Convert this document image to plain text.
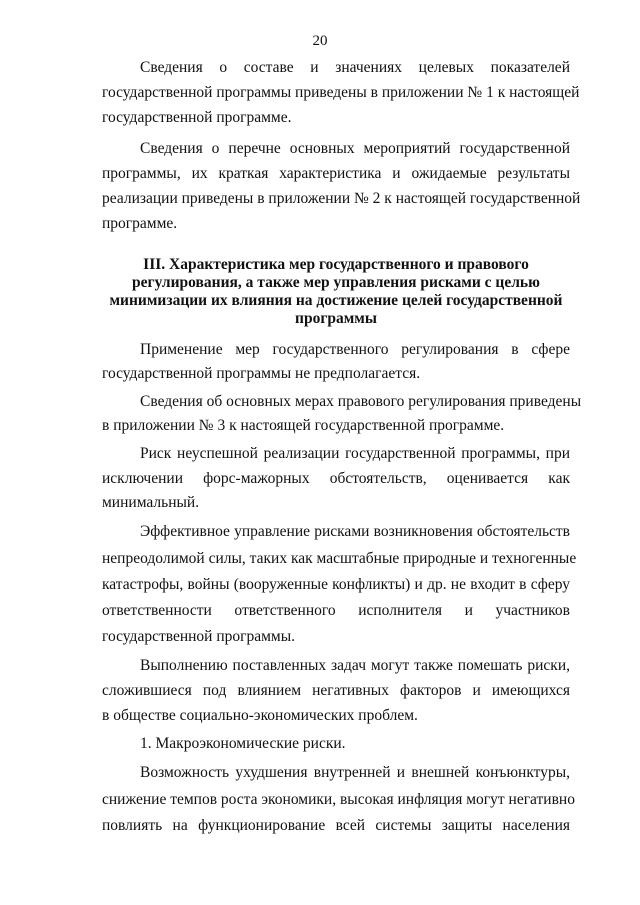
20
Сведения о составе и значениях целевых показателей
государственной программы приведены в приложении № 1 к настоящей
государственной программе.
Сведения о перечне основных мероприятий государственной
программы, их краткая характеристика и ожидаемые результаты
реализации приведены в приложении № 2 к настоящей государственной
программе.
III. Характеристика мер государственного и правового
регулирования, а также мер управления рисками с целью
минимизации их влияния на достижение целей государственной
программы
Применение мер государственного регулирования в сфере
государственной программы не предполагается.
Сведения об основных мерах правового регулирования приведены
в приложении № 3 к настоящей государственной программе.
Риск неуспешной реализации государственной программы, при
исключении форс-мажорных обстоятельств, оценивается как
минимальный.
Эффективное управление рисками возникновения обстоятельств
непреодолимой силы, таких как масштабные природные и техногенные
катастрофы, войны (вооруженные конфликты) и др. не входит в сферу
ответственности ответственного исполнителя и участников
государственной программы.
Выполнению поставленных задач могут также помешать риски,
сложившиеся под влиянием негативных факторов и имеющихся
в обществе социально-экономических проблем.
1. Макроэкономические риски.
Возможность ухудшения внутренней и внешней конъюнктуры,
снижение темпов роста экономики, высокая инфляция могут негативно
повлиять на функционирование всей системы защиты населения
